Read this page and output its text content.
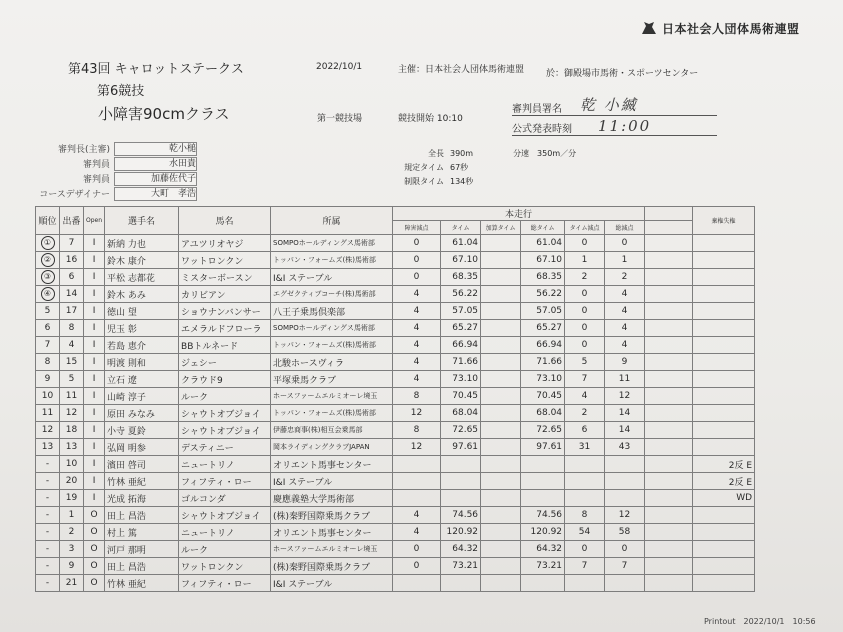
日本社会人団体馬術連盟
第43回 キャロットステークス	2022/10/1	主催：日本社会人団体馬術連盟 於：御殿場市馬術・スポーツセンター
第6競技
小障害90cmクラス	第一競技場	競技開始 10:10
審判員署名	乾 小縅
公式発表時刻	11:00
審判長(主審)	乾小槌
審判員	水田貴
審判員	加藤佐代子
コースデザイナー	大町　孝浩
全長 390m	分速　350m／分
規定タイム 67秒
制限タイム 134秒
順位	出番	Open	選手名	馬名	所属	本走行							棄権失権
						障害減点	タイム	加算タイム	総タイム	タイム減点	総減点		
①	7	I	新納 力也	アユツリオヤジ	SOMPOホールディングス馬術部	0	61.04		61.04	0	0		
②	16	I	鈴木 康介	ワットロンクン	トッパン・フォームズ(株)馬術部	0	67.10		67.10	1	1		
③	6	I	平松 志都花	ミスターボースン	I&I ステーブル	0	68.35		68.35	2	2		
④	14	I	鈴木 あみ	カリビアン	エグゼクティブコーチ(株)馬術部	4	56.22		56.22	0	4		
5	17	I	徳山 望	ショウナンバンサー	八王子乗馬倶楽部	4	57.05		57.05	0	4		
6	8	I	児玉 彰	エメラルドフローラ	SOMPOホールディングス馬術部	4	65.27		65.27	0	4		
7	4	I	若島 恵介	BBトルネード	トッパン・フォームズ(株)馬術部	4	66.94		66.94	0	4		
8	15	I	明渡 則和	ジェシー	北駿ホースヴィラ	4	71.66		71.66	5	9		
9	5	I	立石 遼	クラウド9	平塚乗馬クラブ	4	73.10		73.10	7	11		
10	11	I	山崎 淳子	ルーク	ホースファームエルミオーレ境玉	8	70.45		70.45	4	12		
11	12	I	原田 みなみ	シャウトオブジョイ	トッパン・フォームズ(株)馬術部	12	68.04		68.04	2	14		
12	18	I	小寺 夏鈴	シャウトオブジョイ	伊藤忠商事(株)相互会乗馬部	8	72.65		72.65	6	14		
13	13	I	弘岡 明参	デスティニー	岡本ライディングクラブJAPAN	12	97.61		97.61	31	43		
-	10	I	濱田 啓司	ニュートリノ	オリエント馬事センター								2反 E
-	20	I	竹林 亜紀	フィフティ・ロー	I&I ステーブル								2反 E
-	19	I	光成 拓海	ゴルコンダ	慶應義塾大学馬術部								WD
-	1	O	田上 昌浩	シャウトオブジョイ	(株)秦野国際乗馬クラブ	4	74.56		74.56	8	12		
-	2	O	村上 篤	ニュートリノ	オリエント馬事センター	4	120.92		120.92	54	58		
-	3	O	河戸 那明	ルーク	ホースファームエルミオーレ境玉	0	64.32		64.32	0	0		
-	9	O	田上 昌浩	ワットロンクン	(株)秦野国際乗馬クラブ	0	73.21		73.21	7	7		
-	21	O	竹林 亜紀	フィフティ・ロー	I&I ステーブル								
Printout　2022/10/1　10:56
